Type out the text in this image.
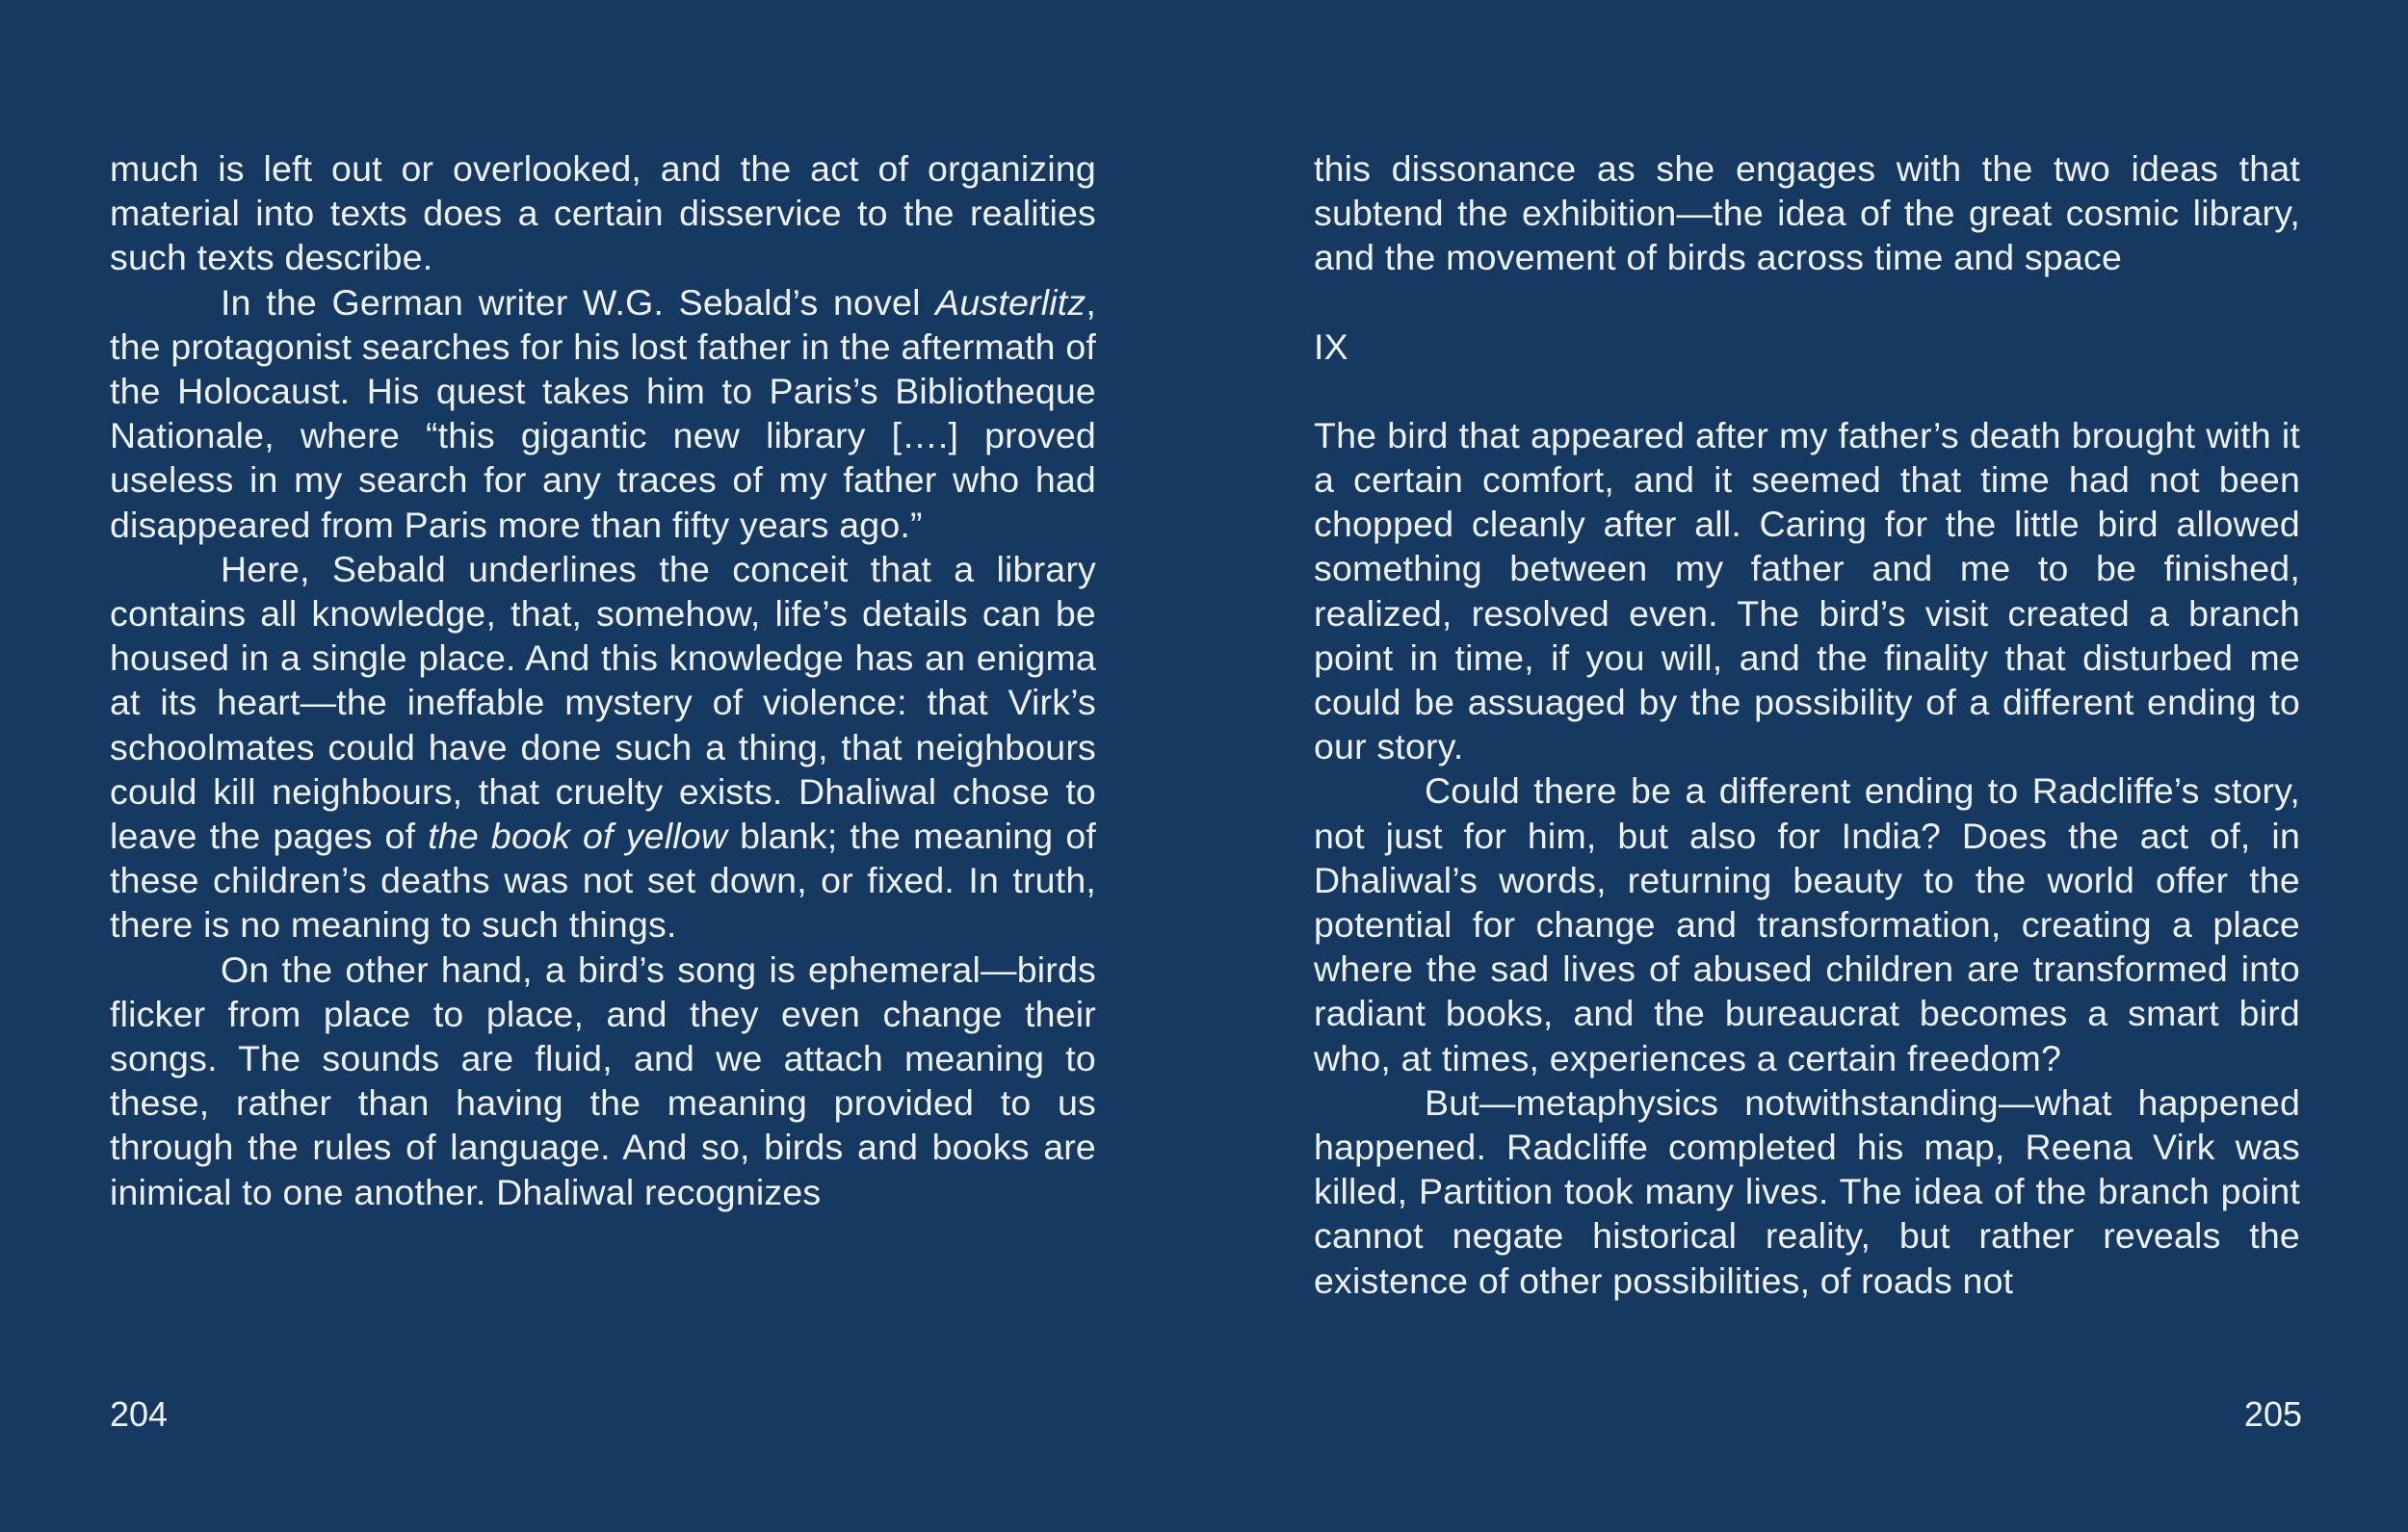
much is left out or overlooked, and the act of organizing material into texts does a certain disservice to the realities such texts describe.

In the German writer W.G. Sebald’s novel Austerlitz, the protagonist searches for his lost father in the aftermath of the Holocaust. His quest takes him to Paris’s Bibliotheque Nationale, where “this gigantic new library [….] proved useless in my search for any traces of my father who had disappeared from Paris more than fifty years ago.”

Here, Sebald underlines the conceit that a library contains all knowledge, that, somehow, life’s details can be housed in a single place. And this knowledge has an enigma at its heart—the ineffable mystery of violence: that Virk’s schoolmates could have done such a thing, that neighbours could kill neighbours, that cruelty exists. Dhaliwal chose to leave the pages of the book of yellow blank; the meaning of these children’s deaths was not set down, or fixed. In truth, there is no meaning to such things.

On the other hand, a bird’s song is ephemeral—birds flicker from place to place, and they even change their songs. The sounds are fluid, and we attach meaning to these, rather than having the meaning provided to us through the rules of language. And so, birds and books are inimical to one another. Dhaliwal recognizes

this dissonance as she engages with the two ideas that subtend the exhibition—the idea of the great cosmic library, and the movement of birds across time and space

IX

The bird that appeared after my father’s death brought with it a certain comfort, and it seemed that time had not been chopped cleanly after all. Caring for the little bird allowed something between my father and me to be finished, realized, resolved even. The bird’s visit created a branch point in time, if you will, and the finality that disturbed me could be assuaged by the possibility of a different ending to our story.

Could there be a different ending to Radcliffe’s story, not just for him, but also for India? Does the act of, in Dhaliwal’s words, returning beauty to the world offer the potential for change and transformation, creating a place where the sad lives of abused children are transformed into radiant books, and the bureaucrat becomes a smart bird who, at times, experiences a certain freedom?

But—metaphysics notwithstanding—what happened happened. Radcliffe completed his map, Reena Virk was killed, Partition took many lives. The idea of the branch point cannot negate historical reality, but rather reveals the existence of other possibilities, of roads not

204	205
